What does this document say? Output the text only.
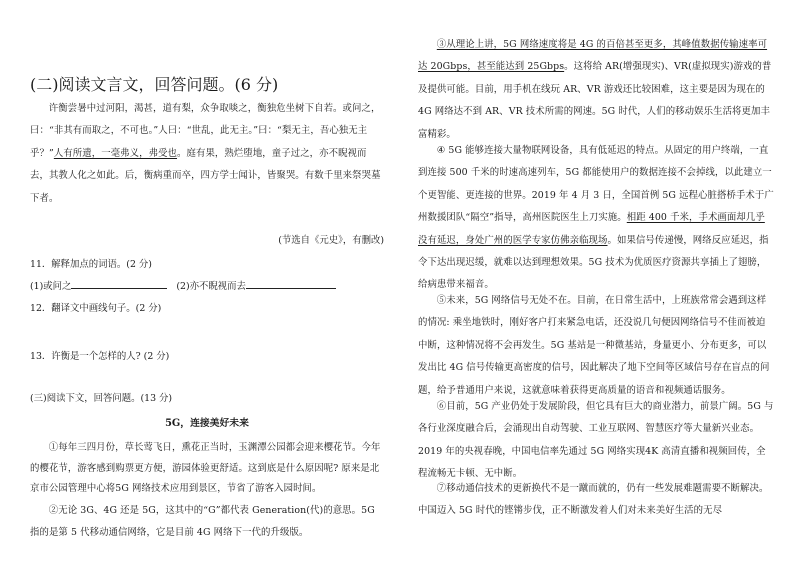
(二)阅读文言文，回答问题。(6 分)

许衡尝暑中过河阳，渴甚，道有梨，众争取啖之，衡独危坐树下自若。或问之，曰：“非其有而取之，不可也。”人曰：“世乱，此无主。”曰：“梨无主，吾心独无主乎？”人有所遗，一毫弗义，弗受也。庭有果，熟烂堕地，童子过之，亦不睨视而去，其教人化之如此。后，衡病重而卒，四方学士闻讣，皆聚哭。有数千里来祭哭墓下者。

(节选自《元史》，有删改)
11．解释加点的词语。(2 分)
(1)或问之	(2)亦不睨视而去
12．翻译文中画线句子。(2 分)
13．许衡是一个怎样的人? (2 分)
(三)阅读下文，回答问题。(13 分)
5G，连接美好未来

①每年三四月份，草长莺飞日，熏花正当时，玉渊潭公园都会迎来樱花节。今年的樱花节，游客感到购票更方便，游园体验更舒适。这到底是什么原因呢? 原来是北京市公园管理中心将5G 网络技术应用到景区，节省了游客入园时间。

②无论 3G、4G 还是 5G，这其中的“G”都代表 Generation(代)的意思。5G 指的是第 5 代移动通信网络，它是目前 4G 网络下一代的升级版。

③从理论上讲，5G 网络速度将是 4G 的百倍甚至更多，其峰值数据传输速率可达 20Gbps，甚至能达到 25Gbps。这将给 AR(增强现实)、VR(虚拟现实)游戏的普及提供可能。目前，用手机在线玩 AR、VR 游戏还比较困难，这主要是因为现在的4G 网络达不到 AR、VR 技术所需的网速。5G 时代，人们的移动娱乐生活将更加丰富精彩。

④ 5G 能够连接大量物联网设备，具有低延迟的特点。从固定的用户终端，一直到连接 500 千米的时速高速列车，5G 都能使用户的数据连接不会掉线，以此建立一个更智能、更连接的世界。2019 年 4 月 3 日，全国首例 5G 远程心脏搭桥手术于广州数援团队“隔空”指导，高州医院医生上刀实施。相距 400 千米，手术画面却几乎没有延迟，身处广州的医学专家仿佛亲临现场。如果信号传递慢，网络反应延迟，指令下达出现迟缓，就难以达到理想效果。5G 技术为优质医疗资源共享插上了翅膀，给病患带来福音。

⑤未来，5G 网络信号无处不在。目前，在日常生活中，上班族常常会遇到这样的情况: 乘坐地铁时，刚好客户打来紧急电话，还没说几句便因网络信号不佳而被迫中断，这种情况将不会再发生。5G 基站是一种微基站，身量更小、分布更多，可以发出比 4G 信号传输更高密度的信号，因此解决了地下空间等区域信号存在盲点的问题，给予普通用户来说，这就意味着获得更高质量的语音和视频通话服务。

⑥目前，5G 产业仍处于发展阶段，但它具有巨大的商业潜力，前景广阔。5G 与各行业深度融合后，会涌现出自动驾驶、工业互联网、智慧医疗等大量新兴业态。2019 年的央视春晚，中国电信率先通过 5G 网络实现4K 高清直播和视频回传，全程流畅无卡顿、无中断。

⑦移动通信技术的更新换代不是一蹴而就的，仍有一些发展难题需要不断解决。中国迈入 5G 时代的铿锵步伐，正不断激发着人们对未来美好生活的无尽
